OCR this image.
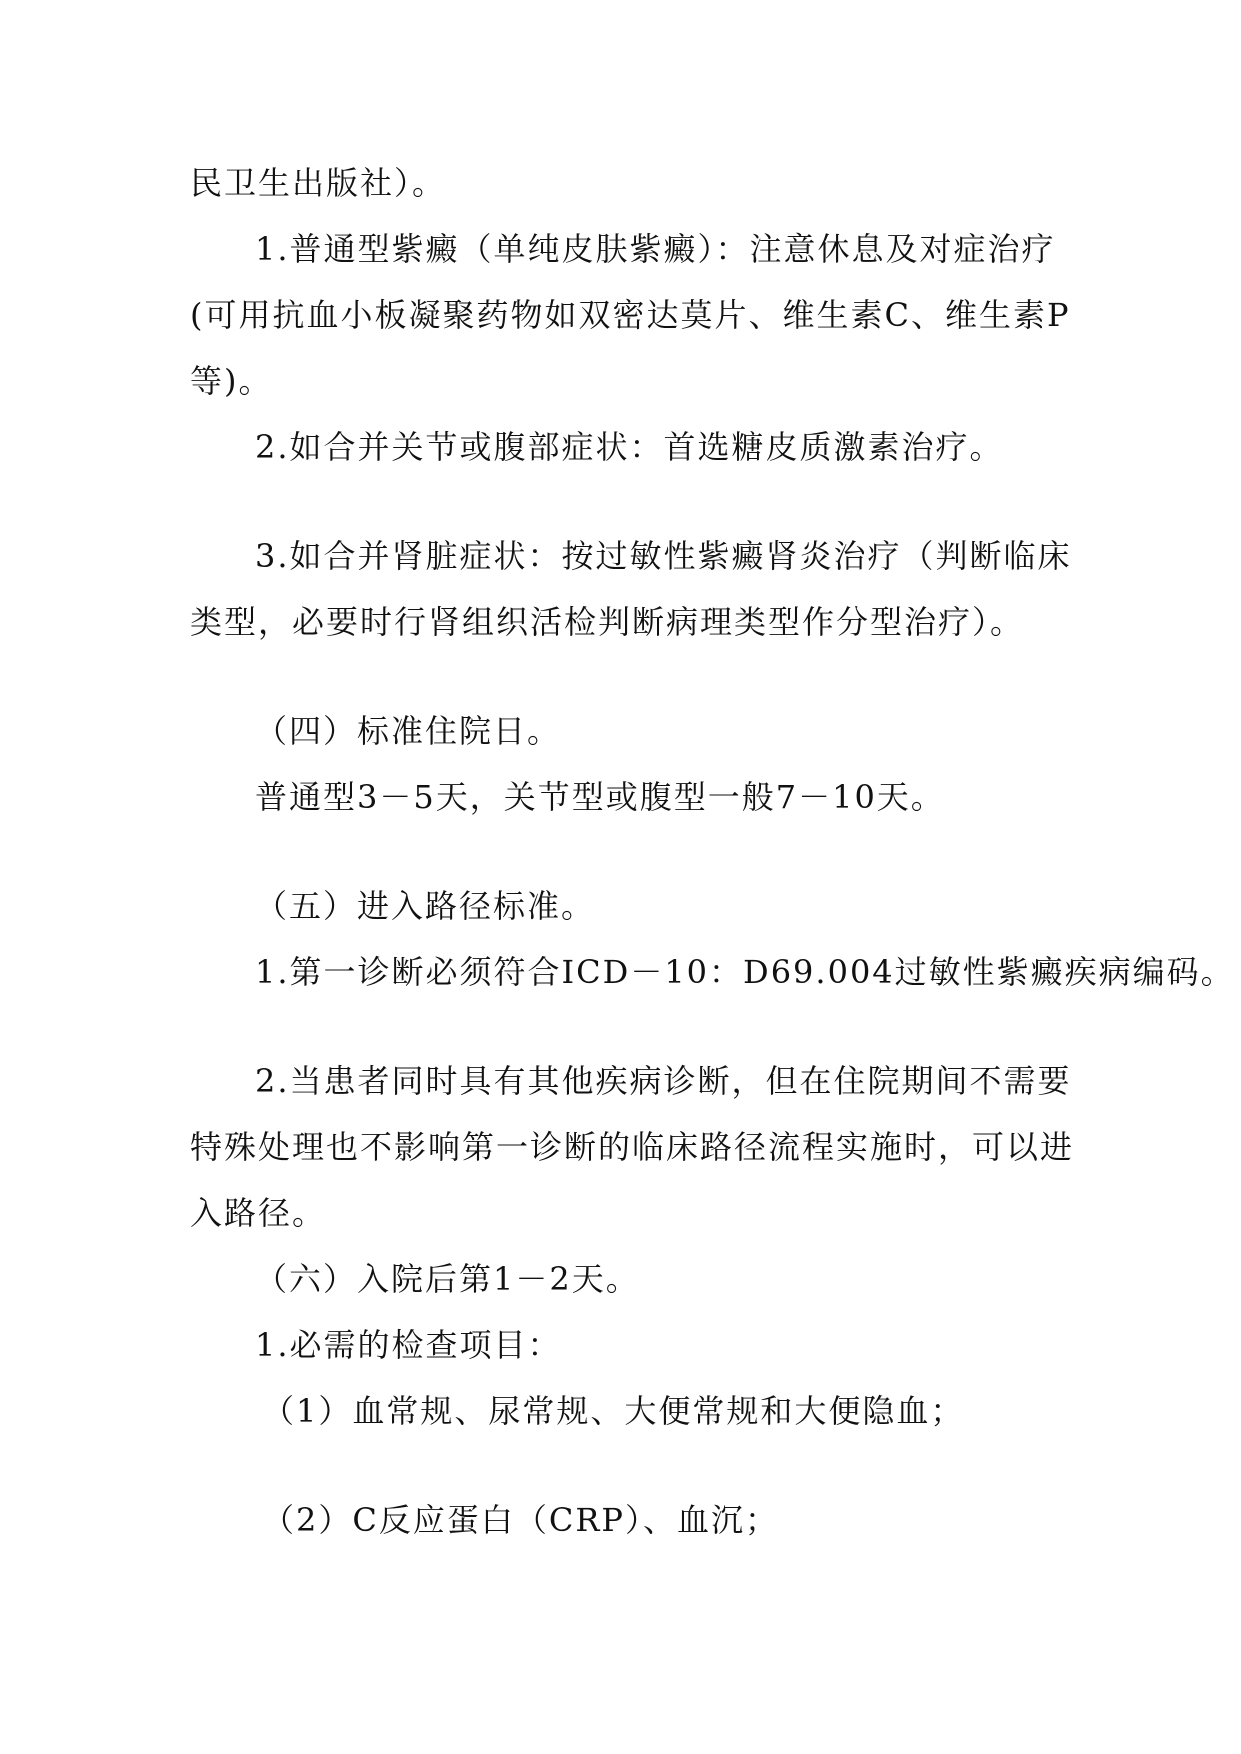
民卫生出版社）。
1.普通型紫癜（单纯皮肤紫癜）：注意休息及对症治疗
(可用抗血小板凝聚药物如双密达莫片、维生素C、维生素P
等)。
2.如合并关节或腹部症状：首选糖皮质激素治疗。
3.如合并肾脏症状：按过敏性紫癜肾炎治疗（判断临床
类型，必要时行肾组织活检判断病理类型作分型治疗）。
（四）标准住院日。
普通型3－5天，关节型或腹型一般7－10天。
（五）进入路径标准。
1.第一诊断必须符合ICD－10：D69.004过敏性紫癜疾病编码。
2.当患者同时具有其他疾病诊断，但在住院期间不需要
特殊处理也不影响第一诊断的临床路径流程实施时，可以进
入路径。
（六）入院后第1－2天。
1.必需的检查项目：
（1）血常规、尿常规、大便常规和大便隐血；
（2）C反应蛋白（CRP）、血沉；
